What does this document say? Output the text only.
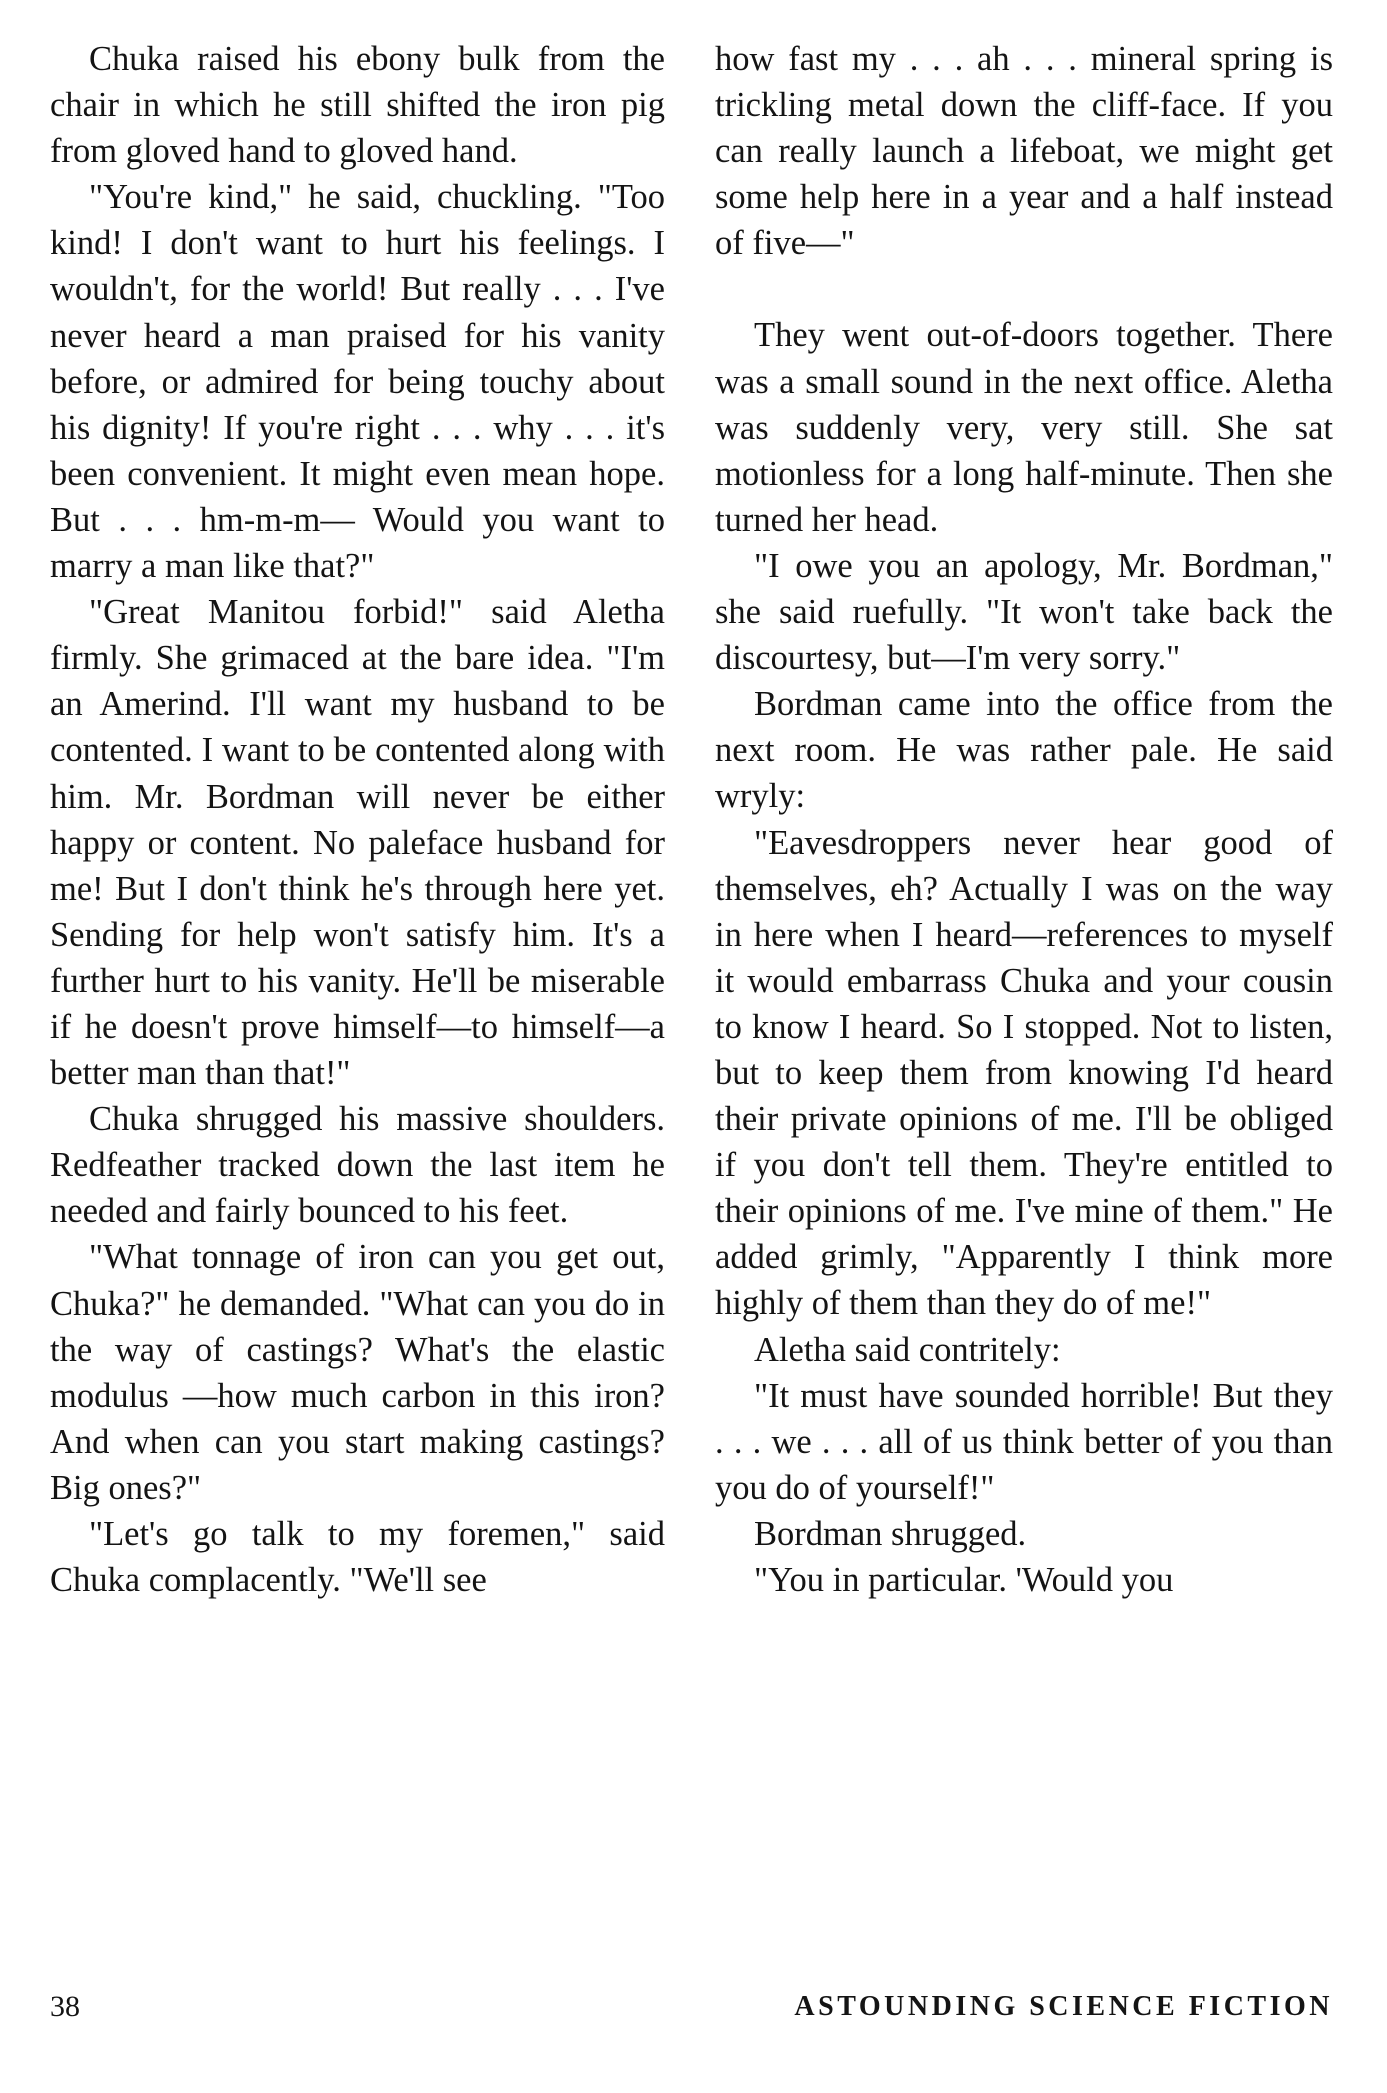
Chuka raised his ebony bulk from the chair in which he still shifted the iron pig from gloved hand to gloved hand.

"You're kind," he said, chuckling. "Too kind! I don't want to hurt his feelings. I wouldn't, for the world! But really . . . I've never heard a man praised for his vanity before, or admired for being touchy about his dignity! If you're right . . . why . . . it's been convenient. It might even mean hope. But . . . hm-m-m— Would you want to marry a man like that?"

"Great Manitou forbid!" said Aletha firmly. She grimaced at the bare idea. "I'm an Amerind. I'll want my husband to be contented. I want to be contented along with him. Mr. Bordman will never be either happy or content. No paleface husband for me! But I don't think he's through here yet. Sending for help won't satisfy him. It's a further hurt to his vanity. He'll be miserable if he doesn't prove himself—to himself—a better man than that!"

Chuka shrugged his massive shoulders. Redfeather tracked down the last item he needed and fairly bounced to his feet.

"What tonnage of iron can you get out, Chuka?" he demanded. "What can you do in the way of castings? What's the elastic modulus —how much carbon in this iron? And when can you start making castings? Big ones?"

"Let's go talk to my foremen," said Chuka complacently. "We'll see

how fast my . . . ah . . . mineral spring is trickling metal down the cliff-face. If you can really launch a lifeboat, we might get some help here in a year and a half instead of five—"

They went out-of-doors together. There was a small sound in the next office. Aletha was suddenly very, very still. She sat motionless for a long half-minute. Then she turned her head.

"I owe you an apology, Mr. Bordman," she said ruefully. "It won't take back the discourtesy, but—I'm very sorry."

Bordman came into the office from the next room. He was rather pale. He said wryly:

"Eavesdroppers never hear good of themselves, eh? Actually I was on the way in here when I heard—references to myself it would embarrass Chuka and your cousin to know I heard. So I stopped. Not to listen, but to keep them from knowing I'd heard their private opinions of me. I'll be obliged if you don't tell them. They're entitled to their opinions of me. I've mine of them." He added grimly, "Apparently I think more highly of them than they do of me!"

Aletha said contritely:

"It must have sounded horrible! But they . . . we . . . all of us think better of you than you do of yourself!"

Bordman shrugged.

"You in particular. 'Would you

38	ASTOUNDING SCIENCE FICTION
